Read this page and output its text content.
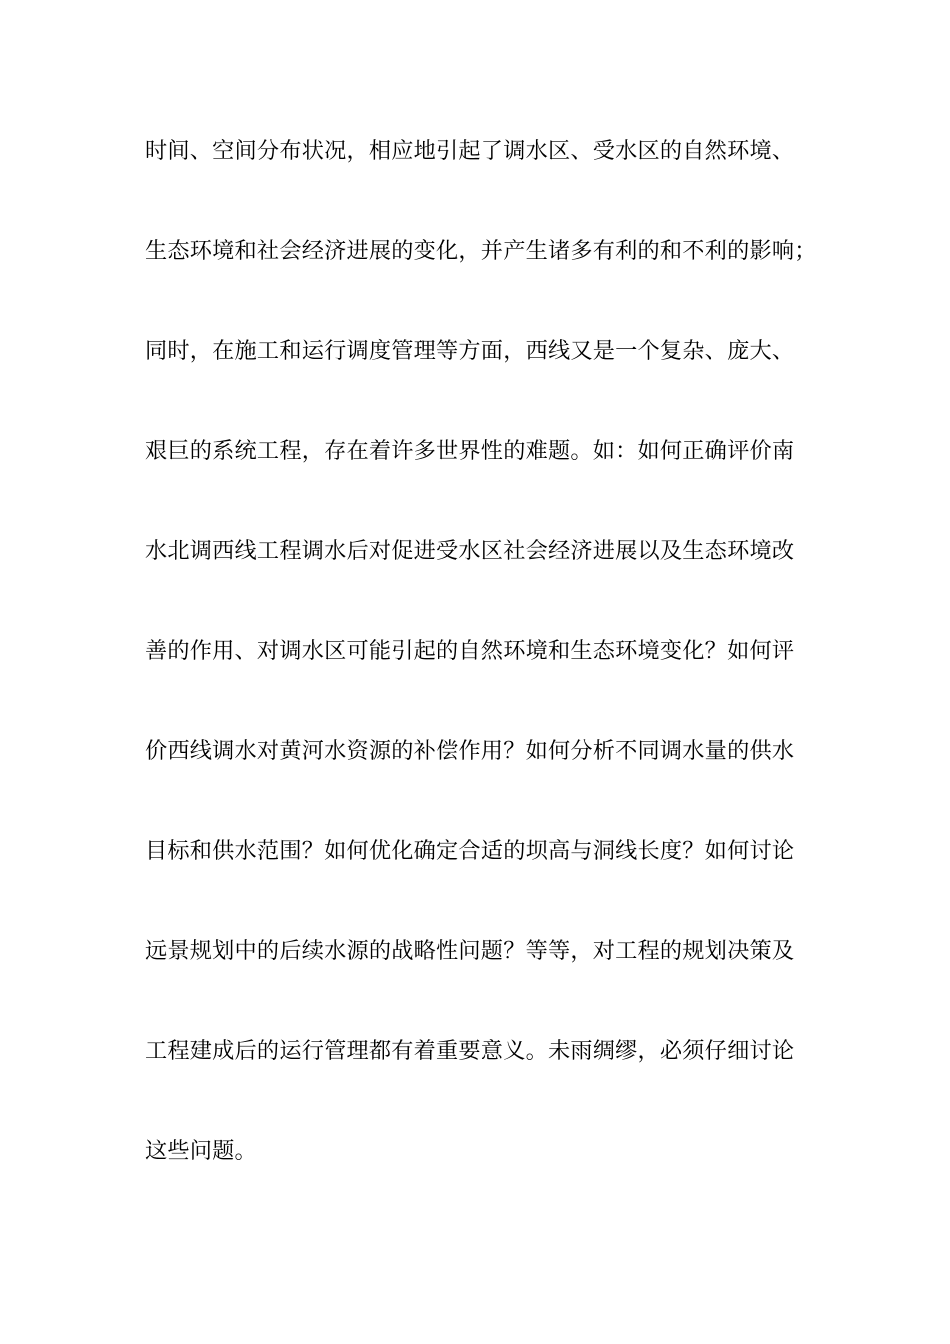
时间、空间分布状况，相应地引起了调水区、受水区的自然环境、
生态环境和社会经济进展的变化，并产生诸多有利的和不利的影响；
同时，在施工和运行调度管理等方面，西线又是一个复杂、庞大、
艰巨的系统工程，存在着许多世界性的难题。如：如何正确评价南
水北调西线工程调水后对促进受水区社会经济进展以及生态环境改
善的作用、对调水区可能引起的自然环境和生态环境变化？如何评
价西线调水对黄河水资源的补偿作用？如何分析不同调水量的供水
目标和供水范围？如何优化确定合适的坝高与洞线长度？如何讨论
远景规划中的后续水源的战略性问题？等等，对工程的规划决策及
工程建成后的运行管理都有着重要意义。未雨绸缪，必须仔细讨论
这些问题。
